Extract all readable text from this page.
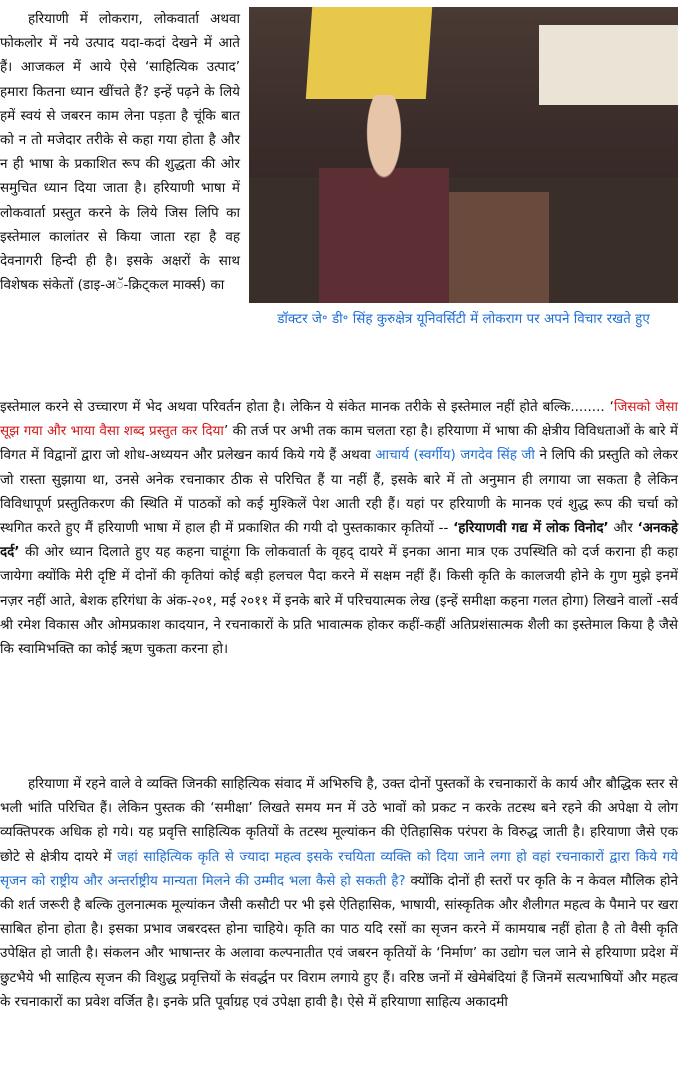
डॉक्टर जे॰ डी॰ सिंह कुरुक्षेत्र यूनिवर्सिटी में लोकराग पर अपने विचार रखते हुए
हरियाणी में लोकराग, लोकवार्ता अथवा फोकलोर में नये उत्पाद यदा-कदां देखने में आते हैं। आजकल में आये ऐसे ‘साहित्यिक उत्पाद’ हमारा कितना ध्यान खींचते हैं? इन्हें पढ़ने के लिये हमें स्वयं से जबरन काम लेना पड़ता है चूंकि बात को न तो मजेदार तरीके से कहा गया होता है और न ही भाषा के प्रकाशित रूप की शुद्धता की ओर समुचित ध्यान दिया जाता है। हरियाणी भाषा में लोकवार्ता प्रस्तुत करने के लिये जिस लिपि का इस्तेमाल कालांतर से किया जाता रहा है वह देवनागरी हिन्दी ही है। इसके अक्षरों के साथ विशेषक संकेतों (डाइ-अॅ-क्रिट्कल मार्क्स) का
इस्तेमाल करने से उच्चारण में भेद अथवा परिवर्तन होता है। लेकिन ये संकेत मानक तरीके से इस्तेमाल नहीं होते बल्कि........ ‘जिसको जैसा सूझ गया और भाया वैसा शब्द प्रस्तुत कर दिया’ की तर्ज पर अभी तक काम चलता रहा है। हरियाणा में भाषा की क्षेत्रीय विविधताओं के बारे में विगत में विद्वानों द्वारा जो शोध-अध्ययन और प्रलेखन कार्य किये गये हैं अथवा आचार्य (स्वर्गीय) जगदेव सिंह जी ने लिपि की प्रस्तुति को लेकर जो रास्ता सुझाया था, उनसे अनेक रचनाकार ठीक से परिचित हैं या नहीं हैं, इसके बारे में तो अनुमान ही लगाया जा सकता है लेकिन विविधापूर्ण प्रस्तुतिकरण की स्थिति में पाठकों को कई मुश्किलें पेश आती रही हैं। यहां पर हरियाणी के मानक एवं शुद्ध रूप की चर्चा को स्थगित करते हुए मैं हरियाणी भाषा में हाल ही में प्रकाशित की गयी दो पुस्तकाकार कृतियों -- ‘हरियाणवी गद्य में लोक विनोद’ और ‘अनकहे दर्द’ की ओर ध्यान दिलाते हुए यह कहना चाहूंगा कि लोकवार्ता के वृहद् दायरे में इनका आना मात्र एक उपस्थिति को दर्ज कराना ही कहा जायेगा क्योंकि मेरी दृष्टि में दोनों की कृतियां कोई बड़ी हलचल पैदा करने में सक्षम नहीं हैं। किसी कृति के कालजयी होने के गुण मुझे इनमें नज़र नहीं आते, बेशक हरिगंधा के अंक-२०१, मई २०११ में इनके बारे में परिचयात्मक लेख (इन्हें समीक्षा कहना गलत होगा) लिखने वालों -सर्व श्री रमेश विकास और ओमप्रकाश कादयान, ने रचनाकारों के प्रति भावात्मक होकर कहीं-कहीं अतिप्रशंसात्मक शैली का इस्तेमाल किया है जैसे कि स्वामिभक्ति का कोई ऋण चुकता करना हो।
हरियाणा में रहने वाले वे व्यक्ति जिनकी साहित्यिक संवाद में अभिरुचि है, उक्त दोनों पुस्तकों के रचनाकारों के कार्य और बौद्धिक स्तर से भली भांति परिचित हैं। लेकिन पुस्तक की ‘समीक्षा’ लिखते समय मन में उठे भावों को प्रकट न करके तटस्थ बने रहने की अपेक्षा ये लोग व्यक्तिपरक अधिक हो गये। यह प्रवृत्ति साहित्यिक कृतियों के तटस्थ मूल्यांकन की ऐतिहासिक परंपरा के विरुद्ध जाती है। हरियाणा जैसे एक छोटे से क्षेत्रीय दायरे में जहां साहित्यिक कृति से ज्यादा महत्व इसके रचयिता व्यक्ति को दिया जाने लगा हो वहां रचनाकारों द्वारा किये गये सृजन को राष्ट्रीय और अन्तर्राष्ट्रीय मान्यता मिलने की उम्मीद भला कैसे हो सकती है? क्योंकि दोनों ही स्तरों पर कृति के न केवल मौलिक होने की शर्त जरूरी है बल्कि तुलनात्मक मूल्यांकन जैसी कसौटी पर भी इसे ऐतिहासिक, भाषायी, सांस्कृतिक और शैलीगत महत्व के पैमाने पर खरा साबित होना होता है। इसका प्रभाव जबरदस्त होना चाहिये। कृति का पाठ यदि रसों का सृजन करने में कामयाब नहीं होता है तो वैसी कृति उपेक्षित हो जाती है। संकलन और भाषान्तर के अलावा कल्पनातीत एवं जबरन कृतियों के ‘निर्माण’ का उद्योग चल जाने से हरियाणा प्रदेश में छुटभैये भी साहित्य सृजन की विशुद्ध प्रवृत्तियों के संवर्द्धन पर विराम लगाये हुए हैं। वरिष्ठ जनों में खेमेबंदियां हैं जिनमें सत्यभाषियों और महत्व के रचनाकारों का प्रवेश वर्जित है। इनके प्रति पूर्वाग्रह एवं उपेक्षा हावी है। ऐसे में हरियाणा साहित्य अकादमी
